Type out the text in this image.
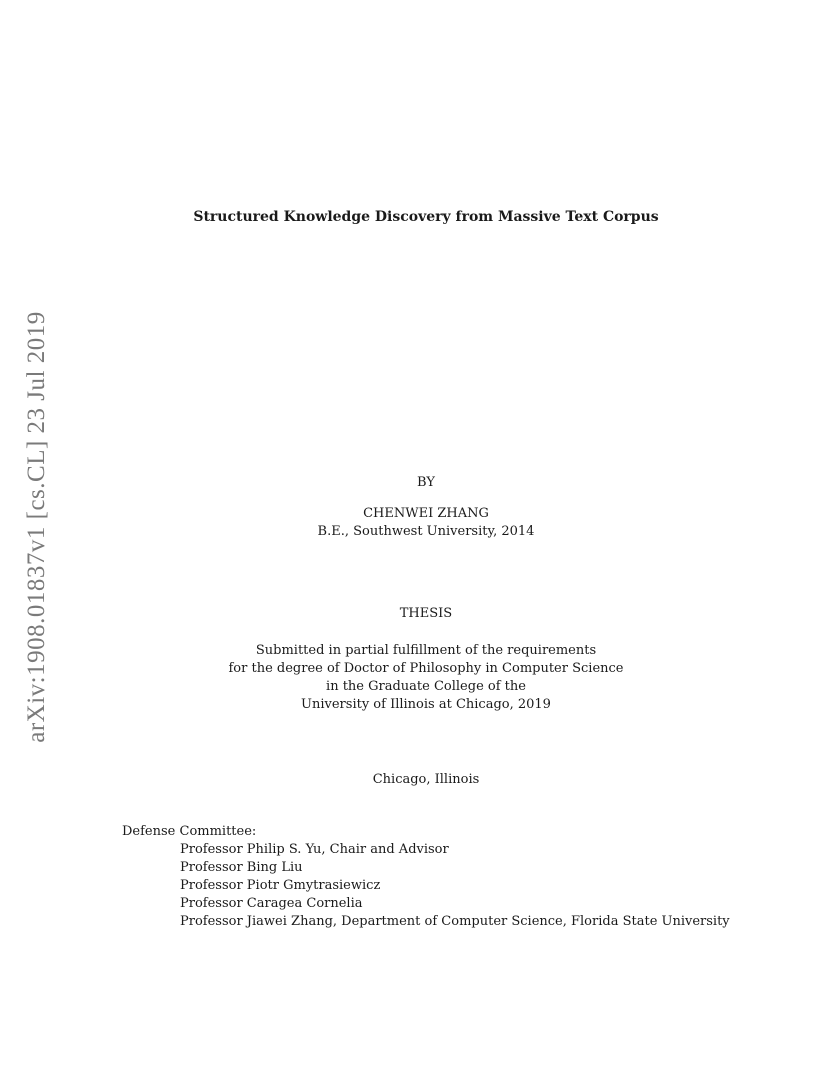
arXiv:1908.01837v1 [cs.CL] 23 Jul 2019
Structured Knowledge Discovery from Massive Text Corpus
BY
CHENWEI ZHANG
B.E., Southwest University, 2014
THESIS
Submitted in partial fulfillment of the requirements
for the degree of Doctor of Philosophy in Computer Science
in the Graduate College of the
University of Illinois at Chicago, 2019
Chicago, Illinois
Defense Committee:
Professor Philip S. Yu, Chair and Advisor
Professor Bing Liu
Professor Piotr Gmytrasiewicz
Professor Caragea Cornelia
Professor Jiawei Zhang, Department of Computer Science, Florida State University
